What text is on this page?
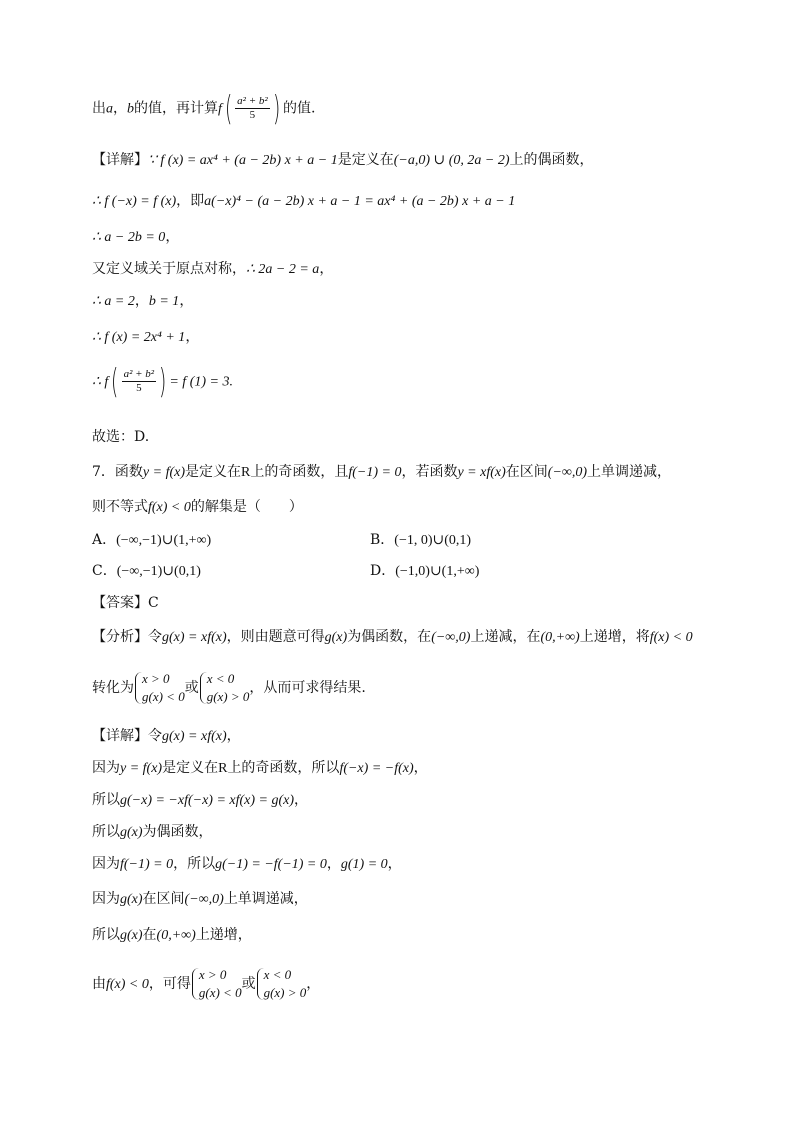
出a，b的值，再计算$f( \frac{\text{a² + b²}}{5}$ ) 的值.
【详解】∵ f (x) = ax⁴ + (a − 2b) x + a − 1是定义在(−a,0) ∪ (0, 2a − 2)上的偶函数，
∴ f (−x) = f (x)，即a(−x)⁴ − (a − 2b) x + a − 1 = ax⁴ + (a − 2b) x + a − 1
∴ a − 2b = 0，
又定义域关于原点对称，∴ 2a − 2 = a，
∴ a = 2，b = 1，
∴ f (x) = 2x⁴ + 1，
∴ $f( \frac{\text{a² + b²}}{5}$ ) = f (1) = 3.
故选：D.
7．函数y = f(x)是定义在R上的奇函数，且f(−1) = 0，若函数y = xf(x)在区间(−∞,0)上单调递减，
则不等式f(x) < 0的解集是（　　）
A．(−∞,−1)∪(1,+∞)	B．(−1, 0)∪(0,1)
C．(−∞,−1)∪(0,1)	D．(−1,0)∪(1,+∞)
【答案】C
【分析】令g(x) = xf(x)，则由题意可得g(x)为偶函数，在(−∞,0)上递减，在(0,+∞)上递增，将f(x) < 0
转化为
x > 0
g(x) < 0
或
x < 0
g(x) > 0
，从而可求得结果.
【详解】令g(x) = xf(x)，
因为y = f(x)是定义在R上的奇函数，所以f(−x) = −f(x)，
所以g(−x) = −xf(−x) = xf(x) = g(x)，
所以g(x)为偶函数，
因为f(−1) = 0，所以g(−1) = −f(−1) = 0，g(1) = 0，
因为g(x)在区间(−∞,0)上单调递减，
所以g(x)在(0,+∞)上递增，
由f(x) < 0，可得
x > 0
g(x) < 0
或
x < 0
g(x) > 0
，
